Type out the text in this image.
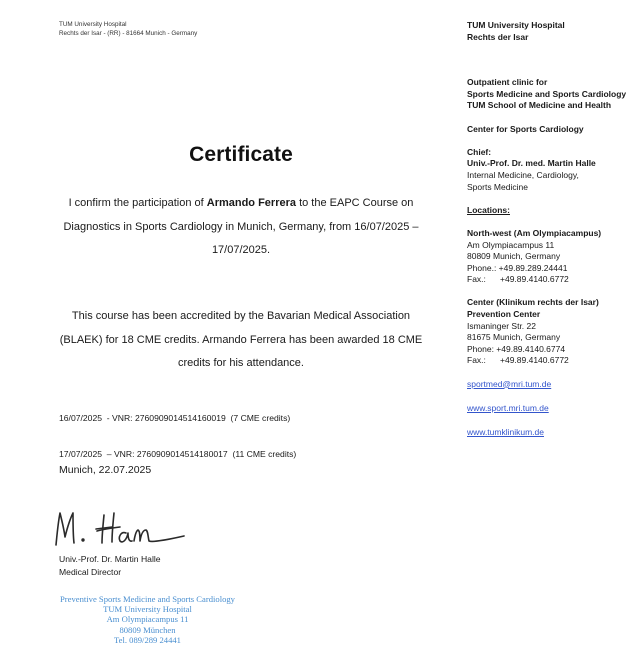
TUM University Hospital
Rechts der Isar - (RR) - 81664 Munich - Germany
Certificate
I confirm the participation of Armando Ferrera to the EAPC Course on Diagnostics in Sports Cardiology in Munich, Germany, from 16/07/2025 – 17/07/2025.
This course has been accredited by the Bavarian Medical Association (BLAEK) for 18 CME credits. Armando Ferrera has been awarded 18 CME credits for his attendance.

16/07/2025  - VNR: 2760909014514160019  (7 CME credits)

17/07/2025  – VNR: 2760909014514180017  (11 CME credits)

Munich, 22.07.2025
Univ.-Prof. Dr. Martin Halle
Medical Director
Preventive Sports Medicine and Sports Cardiology
TUM University Hospital
Am Olympiacampus 11
80809 München
Tel. 089/289 24441
TUM University Hospital
Rechts der Isar
Outpatient clinic for
Sports Medicine and Sports Cardiology
TUM School of Medicine and Health
Center for Sports Cardiology
Chief:
Univ.-Prof. Dr. med. Martin Halle
Internal Medicine, Cardiology,
Sports Medicine
Locations:
North-west (Am Olympiacampus)
Am Olympiacampus 11
80809 Munich, Germany
Phone.: +49.89.289.24441
Fax.: +49.89.4140.6772
Center (Klinikum rechts der Isar)
Prevention Center
Ismaninger Str. 22
81675 Munich, Germany
Phone: +49.89.4140.6774
Fax.: +49.89.4140.6772
sportmed@mri.tum.de
www.sport.mri.tum.de
www.tumklinikum.de
